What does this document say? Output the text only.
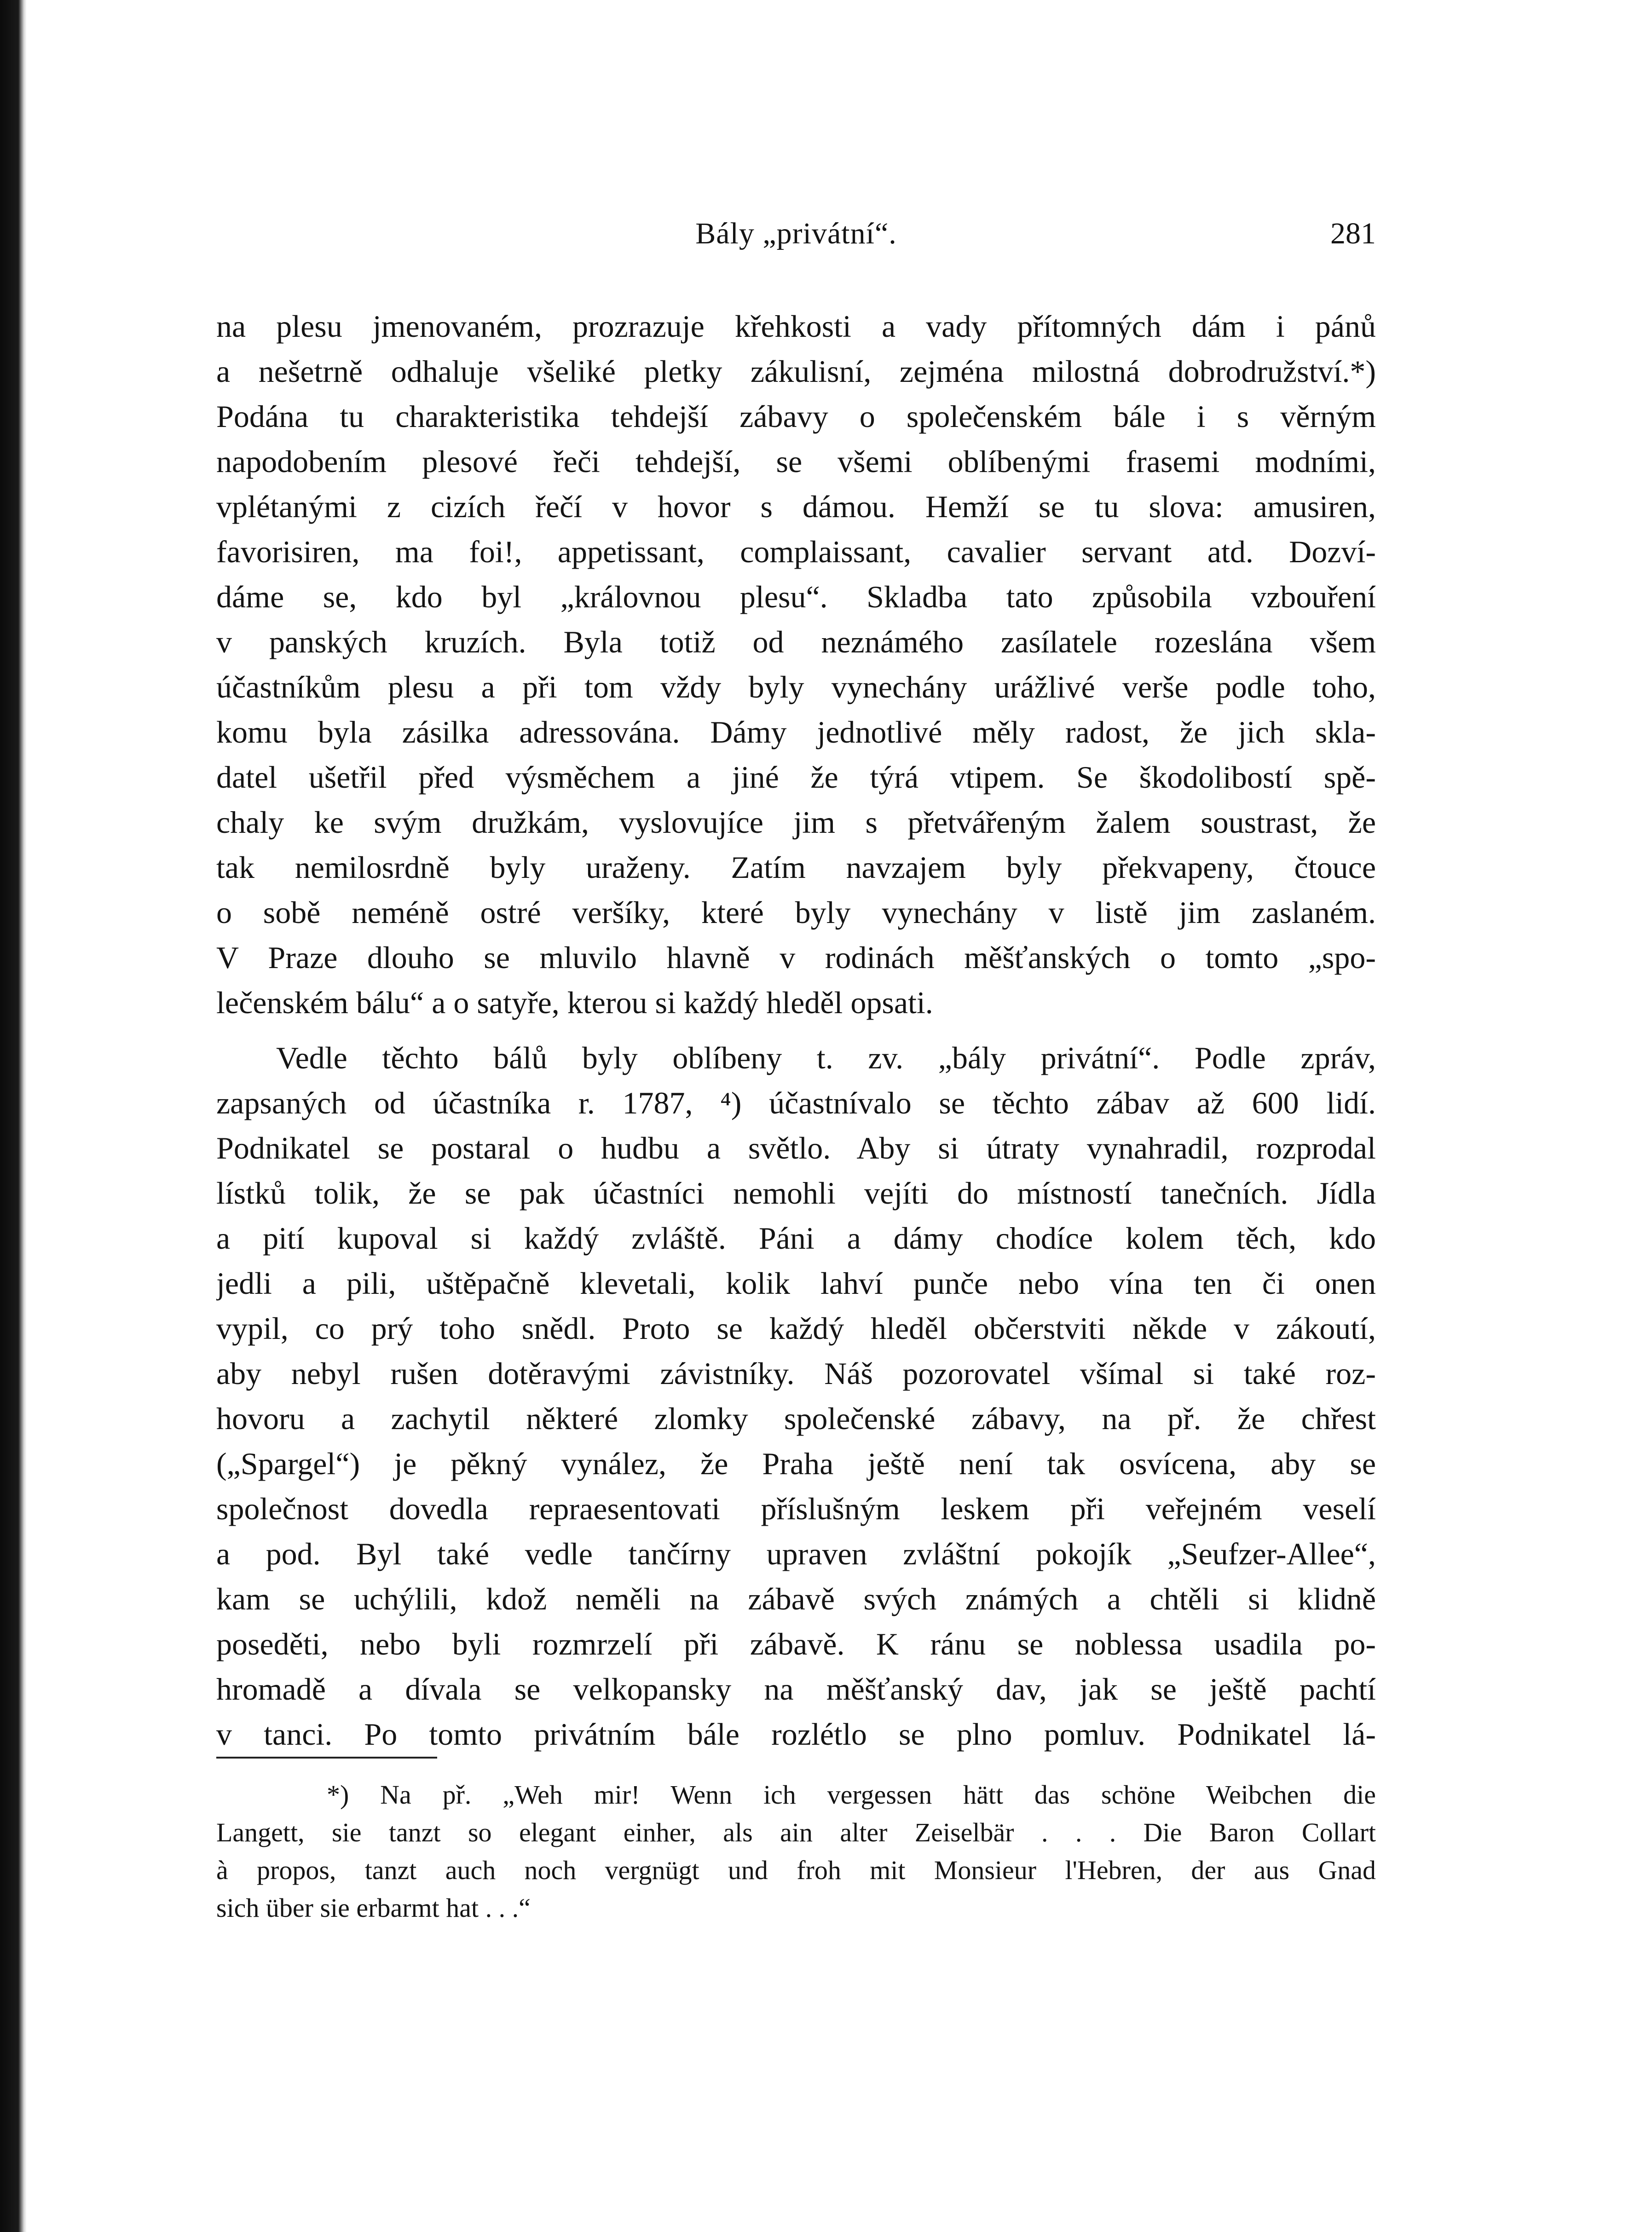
Bály „privátní“.	281
na plesu jmenovaném, prozrazuje křehkosti a vady přítomných dám i pánů
a nešetrně odhaluje všeliké pletky zákulisní, zejména milostná dobrodružství.*)
Podána tu charakteristika tehdejší zábavy o společenském bále i s věrným
napodobením plesové řeči tehdejší, se všemi oblíbenými frasemi modními,
vplétanými z cizích řečí v hovor s dámou. Hemží se tu slova: amusiren,
favorisiren, ma foi!, appetissant, complaissant, cavalier servant atd. Dozví-
dáme se, kdo byl „královnou plesu“. Skladba tato způsobila vzbouření
v panských kruzích. Byla totiž od neznámého zasílatele rozeslána všem
účastníkům plesu a při tom vždy byly vynechány urážlivé verše podle toho,
komu byla zásilka adressována. Dámy jednotlivé měly radost, že jich skla-
datel ušetřil před výsměchem a jiné že týrá vtipem. Se škodolibostí spě-
chaly ke svým družkám, vyslovujíce jim s přetvářeným žalem soustrast, že
tak nemilosrdně byly uraženy. Zatím navzajem byly překvapeny, čtouce
o sobě neméně ostré veršíky, které byly vynechány v listě jim zaslaném.
V Praze dlouho se mluvilo hlavně v rodinách měšťanských o tomto „spo-
lečenském bálu“ a o satyře, kterou si každý hleděl opsati.
Vedle těchto bálů byly oblíbeny t. zv. „bály privátní“. Podle zpráv,
zapsaných od účastníka r. 1787, ⁴) účastnívalo se těchto zábav až 600 lidí.
Podnikatel se postaral o hudbu a světlo. Aby si útraty vynahradil, rozprodal
lístků tolik, že se pak účastníci nemohli vejíti do místností tanečních. Jídla
a pití kupoval si každý zvláště. Páni a dámy chodíce kolem těch, kdo
jedli a pili, uštěpačně klevetali, kolik lahví punče nebo vína ten či onen
vypil, co prý toho snědl. Proto se každý hleděl občerstviti někde v zákoutí,
aby nebyl rušen dotěravými závistníky. Náš pozorovatel všímal si také roz-
hovoru a zachytil některé zlomky společenské zábavy, na př. že chřest
(„Spargel“) je pěkný vynález, že Praha ještě není tak osvícena, aby se
společnost dovedla repraesentovati příslušným leskem při veřejném veselí
a pod. Byl také vedle tančírny upraven zvláštní pokojík „Seufzer-Allee“,
kam se uchýlili, kdož neměli na zábavě svých známých a chtěli si klidně
poseděti, nebo byli rozmrzelí při zábavě. K ránu se noblessa usadila po-
hromadě a dívala se velkopansky na měšťanský dav, jak se ještě pachtí
v tanci. Po tomto privátním bále rozlétlo se plno pomluv. Podnikatel lá-
*) Na př. „Weh mir! Wenn ich vergessen hätt das schöne Weibchen die
Langett, sie tanzt so elegant einher, als ain alter Zeiselbär . . . Die Baron Collart
à propos, tanzt auch noch vergnügt und froh mit Monsieur l'Hebren, der aus Gnad
sich über sie erbarmt hat . . .“
